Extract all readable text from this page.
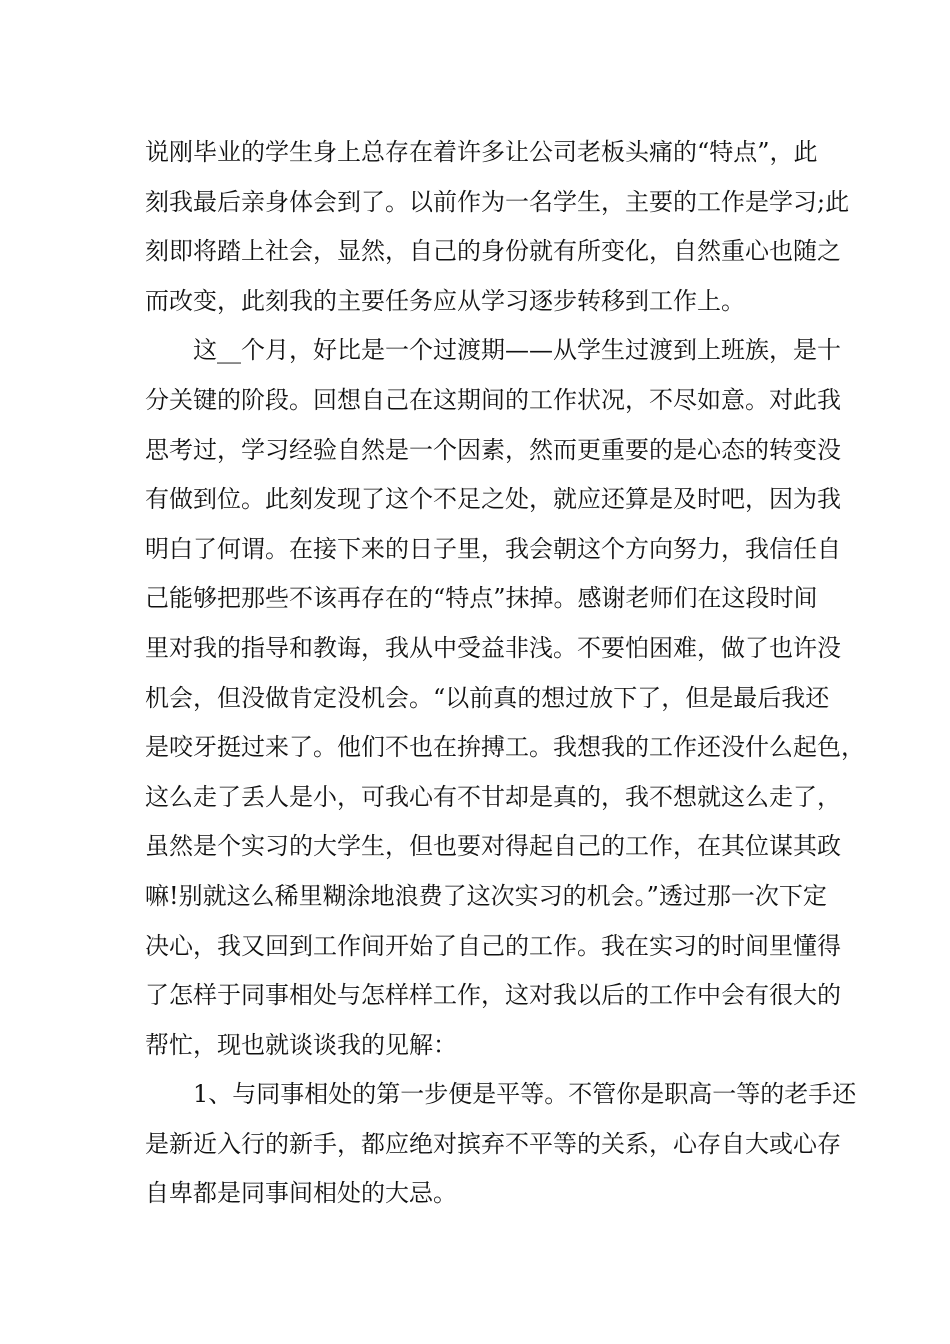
说刚毕业的学生身上总存在着许多让公司老板头痛的“特点”，此
刻我最后亲身体会到了。以前作为一名学生，主要的工作是学习;此
刻即将踏上社会，显然，自己的身份就有所变化，自然重心也随之
而改变，此刻我的主要任务应从学习逐步转移到工作上。
这__个月，好比是一个过渡期——从学生过渡到上班族，是十
分关键的阶段。回想自己在这期间的工作状况，不尽如意。对此我
思考过，学习经验自然是一个因素，然而更重要的是心态的转变没
有做到位。此刻发现了这个不足之处，就应还算是及时吧，因为我
明白了何谓。在接下来的日子里，我会朝这个方向努力，我信任自
己能够把那些不该再存在的“特点”抹掉。感谢老师们在这段时间
里对我的指导和教诲，我从中受益非浅。不要怕困难，做了也许没
机会，但没做肯定没机会。“以前真的想过放下了，但是最后我还
是咬牙挺过来了。他们不也在拚搏工。我想我的工作还没什么起色，
这么走了丢人是小，可我心有不甘却是真的，我不想就这么走了，
虽然是个实习的大学生，但也要对得起自己的工作，在其位谋其政
嘛!别就这么稀里糊涂地浪费了这次实习的机会。”透过那一次下定
决心，我又回到工作间开始了自己的工作。我在实习的时间里懂得
了怎样于同事相处与怎样样工作，这对我以后的工作中会有很大的
帮忙，现也就谈谈我的见解：
1、与同事相处的第一步便是平等。不管你是职高一等的老手还
是新近入行的新手，都应绝对摈弃不平等的关系，心存自大或心存
自卑都是同事间相处的大忌。
